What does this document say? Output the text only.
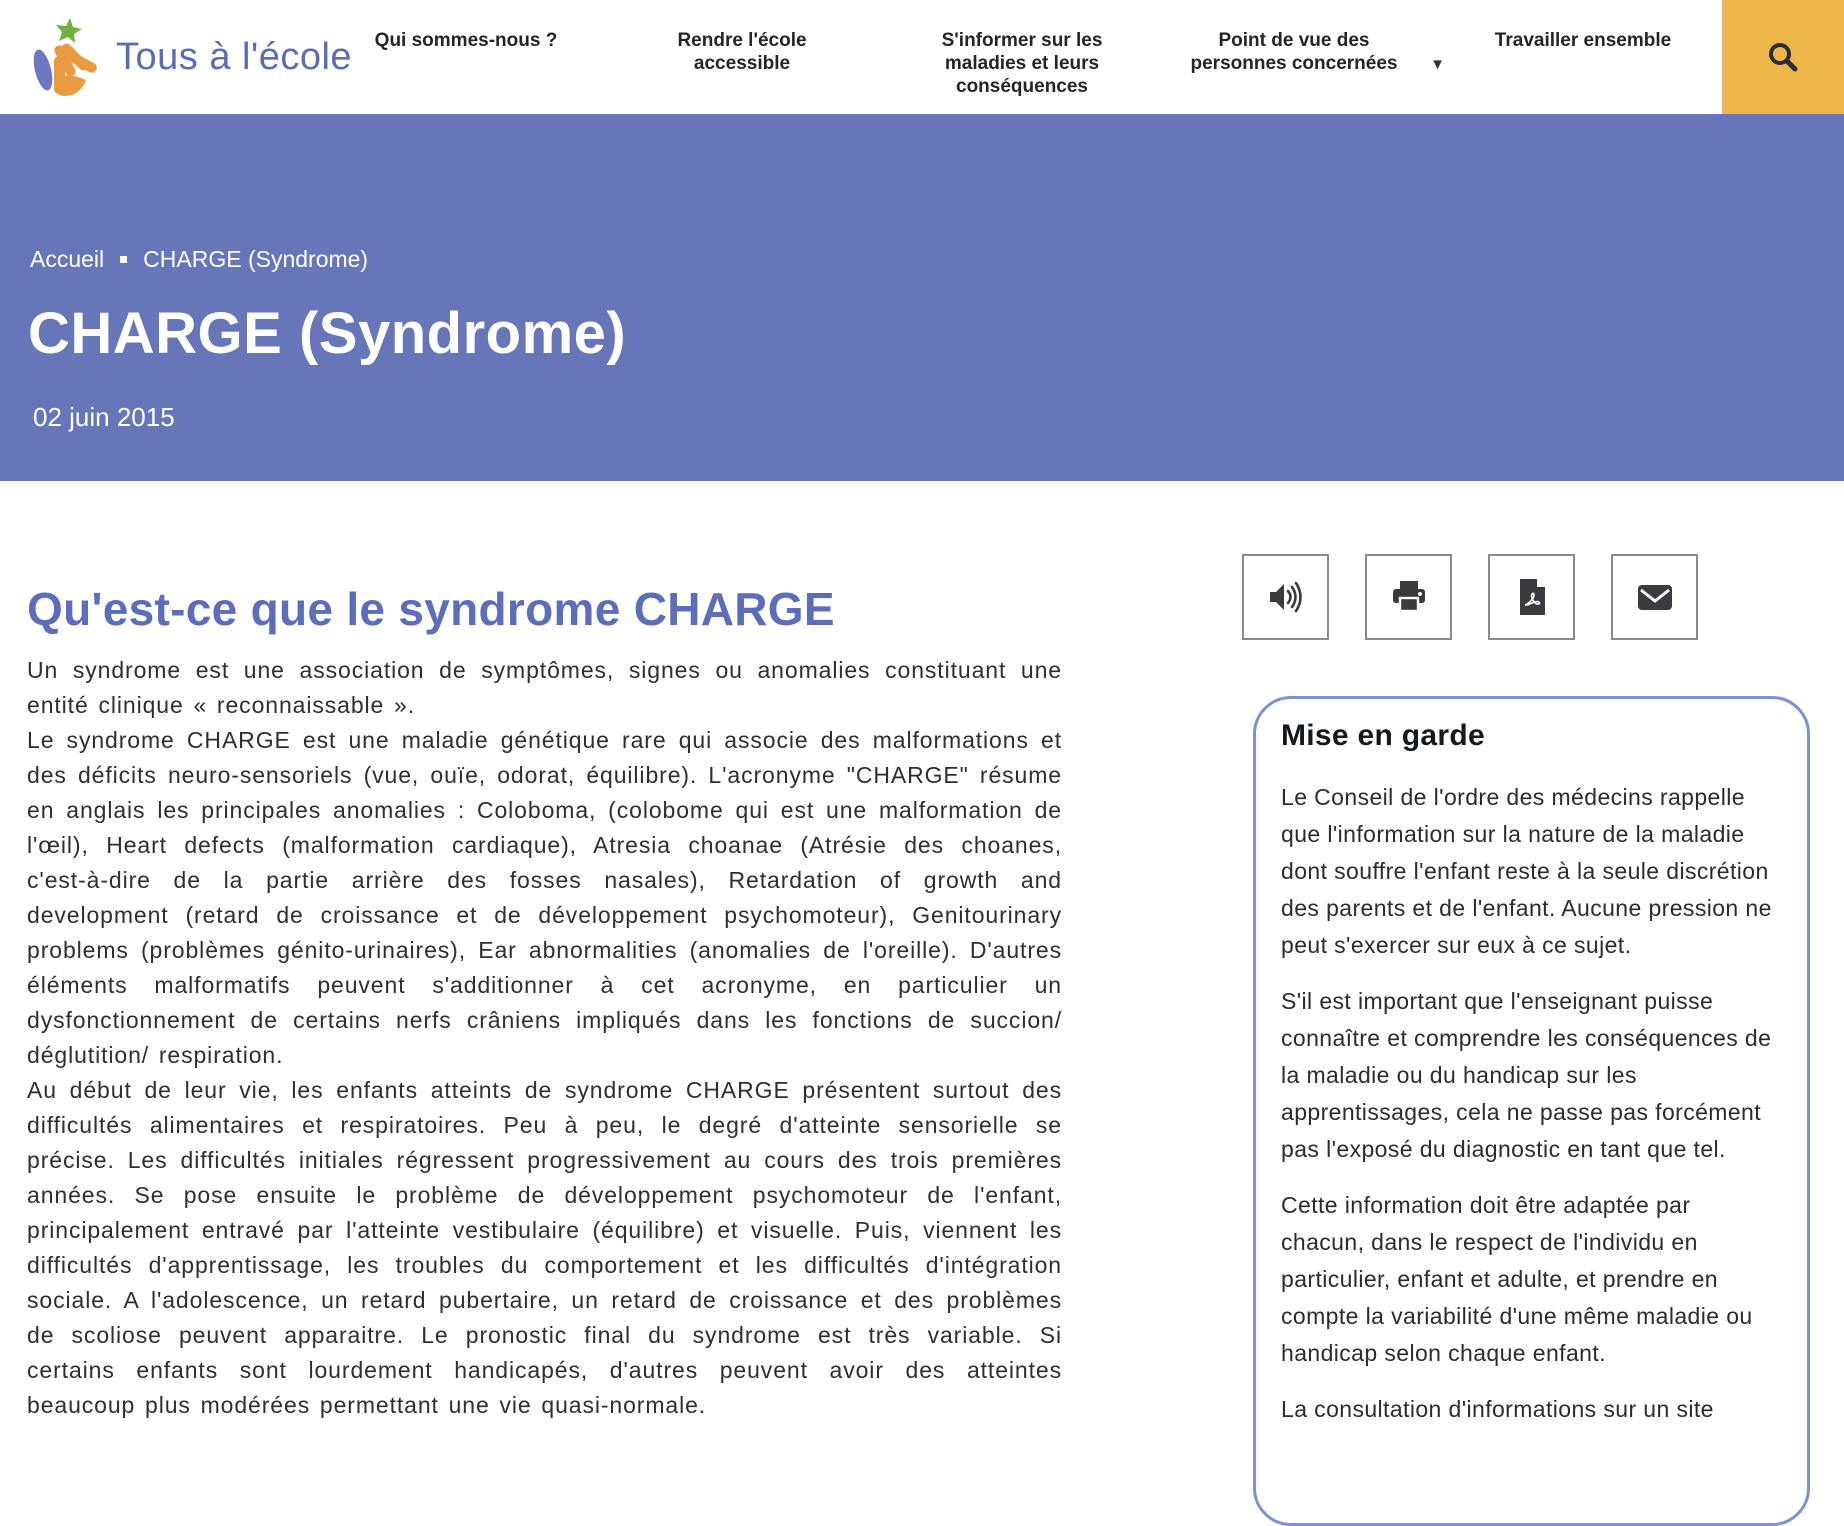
Tous à l'école	Qui sommes-nous ?	Rendre l'école accessible
S'informer sur les maladies et leurs conséquences
Point de vue des personnes concernées ▼
Travailler ensemble
Accueil CHARGE (Syndrome)
CHARGE (Syndrome)
02 juin 2015
Qu'est-ce que le syndrome CHARGE

Un syndrome est une association de symptômes, signes ou anomalies constituant une entité clinique « reconnaissable ».

Le syndrome CHARGE est une maladie génétique rare qui associe des malformations et des déficits neuro-sensoriels (vue, ouïe, odorat, équilibre). L'acronyme "CHARGE" résume en anglais les principales anomalies : Coloboma, (colobome qui est une malformation de l'œil), Heart defects (malformation cardiaque), Atresia choanae (Atrésie des choanes, c'est-à-dire de la partie arrière des fosses nasales), Retardation of growth and development (retard de croissance et de développement psychomoteur), Genitourinary problems (problèmes génito-urinaires), Ear abnormalities (anomalies de l'oreille). D'autres éléments malformatifs peuvent s'additionner à cet acronyme, en particulier un dysfonctionnement de certains nerfs crâniens impliqués dans les fonctions de succion/ déglutition/ respiration.

Au début de leur vie, les enfants atteints de syndrome CHARGE présentent surtout des difficultés alimentaires et respiratoires. Peu à peu, le degré d'atteinte sensorielle se précise. Les difficultés initiales régressent progressivement au cours des trois premières années. Se pose ensuite le problème de développement psychomoteur de l'enfant, principalement entravé par l'atteinte vestibulaire (équilibre) et visuelle. Puis, viennent les difficultés d'apprentissage, les troubles du comportement et les difficultés d'intégration sociale. A l'adolescence, un retard pubertaire, un retard de croissance et des problèmes de scoliose peuvent apparaitre. Le pronostic final du syndrome est très variable. Si certains enfants sont lourdement handicapés, d'autres peuvent avoir des atteintes beaucoup plus modérées permettant une vie quasi-normale.

Mise en garde

Le Conseil de l'ordre des médecins rappelle que l'information sur la nature de la maladie dont souffre l'enfant reste à la seule discrétion des parents et de l'enfant. Aucune pression ne peut s'exercer sur eux à ce sujet.

S'il est important que l'enseignant puisse connaître et comprendre les conséquences de la maladie ou du handicap sur les apprentissages, cela ne passe pas forcément pas l'exposé du diagnostic en tant que tel.

Cette information doit être adaptée par chacun, dans le respect de l'individu en particulier, enfant et adulte, et prendre en compte la variabilité d'une même maladie ou handicap selon chaque enfant.

La consultation d'informations sur un site
